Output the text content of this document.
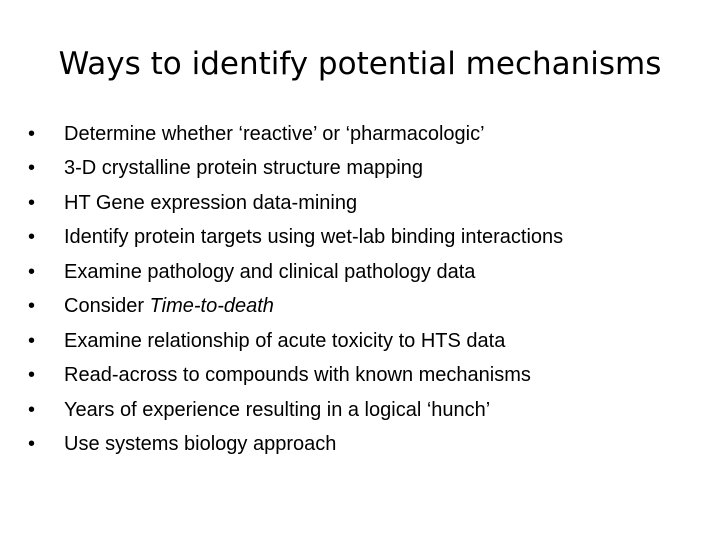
Ways to identify potential mechanisms
•	Determine whether ‘reactive’ or ‘pharmacologic’
•	3-D crystalline protein structure mapping
•	HT Gene expression data-mining
•	Identify protein targets using wet-lab binding interactions
•	Examine pathology and clinical pathology data
•	Consider Time-to-death
•	Examine relationship of acute toxicity to HTS data
•	Read-across to compounds with known mechanisms
•	Years of experience resulting in a logical ‘hunch’
•	Use systems biology approach
